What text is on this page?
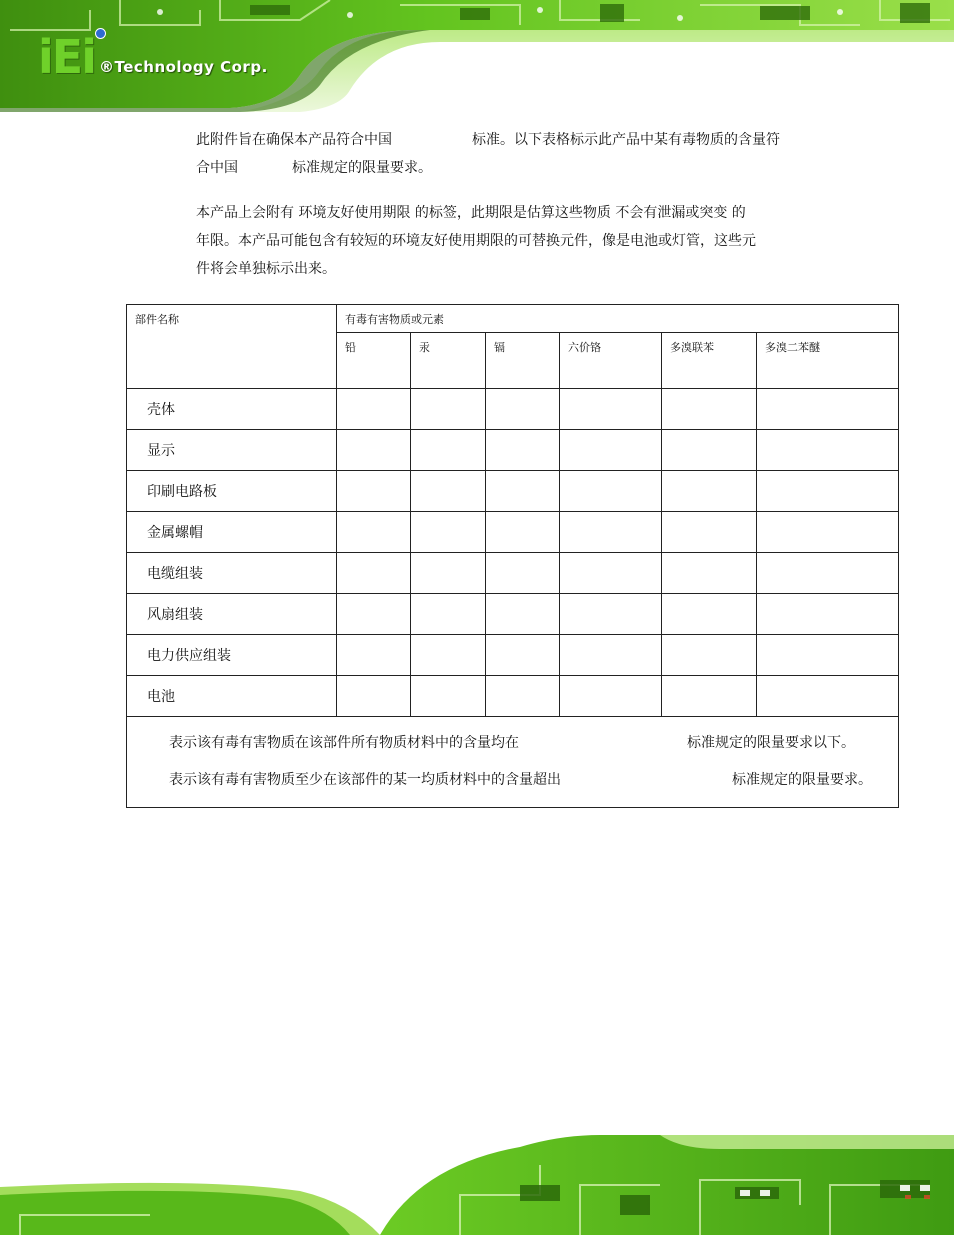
iEi ®Technology Corp.
此附件旨在确保本产品符合中国	标准。以下表格标示此产品中某有毒物质的含量符
合中国	标准规定的限量要求。
本产品上会附有 环境友好使用期限 的标签，此期限是估算这些物质 不会有泄漏或突变 的
年限。本产品可能包含有较短的环境友好使用期限的可替换元件，像是电池或灯管，这些元
件将会单独标示出来。
部件名称	有毒有害物质或元素					
	铅	汞	镉	六价铬	多溴联苯	多溴二苯醚
壳体						
显示						
印刷电路板						
金属螺帽						
电缆组装						
风扇组装						
电力供应组装						
电池						

表示该有毒有害物质在该部件所有物质材料中的含量均在 标准规定的限量要求以下。
表示该有毒有害物质至少在该部件的某一均质材料中的含量超出 标准规定的限量要求。						
